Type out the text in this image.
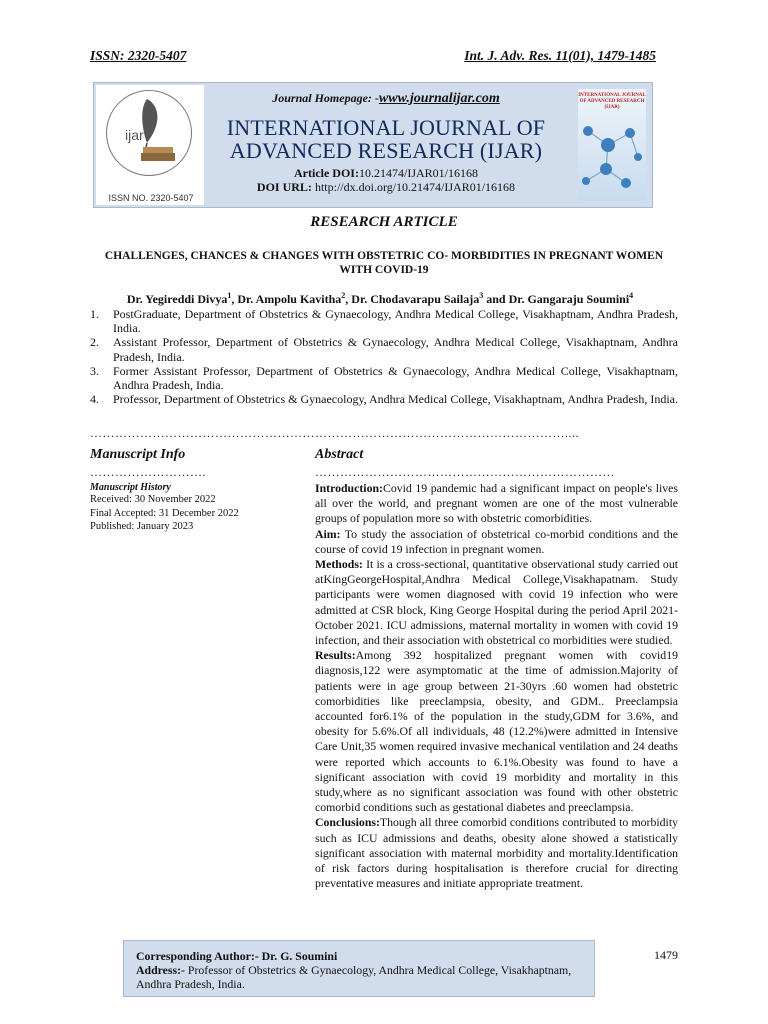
ISSN: 2320-5407	Int. J. Adv. Res. 11(01), 1479-1485
ijar
ISSN NO. 2320-5407
Journal Homepage: -www.journalijar.com
INTERNATIONAL JOURNAL OF
ADVANCED RESEARCH (IJAR)
Article DOI:10.21474/IJAR01/16168
DOI URL: http://dx.doi.org/10.21474/IJAR01/16168
INTERNATIONAL JOURNAL OF ADVANCED RESEARCH (IJAR)
RESEARCH ARTICLE
CHALLENGES, CHANCES & CHANGES WITH OBSTETRIC CO- MORBIDITIES IN PREGNANT WOMEN WITH COVID-19
Dr. Yegireddi Divya$^1$, Dr. Ampolu Kavitha$^2$, Dr. Chodavarapu Sailaja$^3$ and Dr. Gangaraju Soumini$^4$
1.	PostGraduate, Department of Obstetrics & Gynaecology, Andhra Medical College, Visakhaptnam, Andhra Pradesh, India.
2.	Assistant Professor, Department of Obstetrics & Gynaecology, Andhra Medical College, Visakhaptnam, Andhra Pradesh, India.
3.	Former Assistant Professor, Department of Obstetrics & Gynaecology, Andhra Medical College, Visakhaptnam, Andhra Pradesh, India.
4.	Professor, Department of Obstetrics & Gynaecology, Andhra Medical College, Visakhaptnam, Andhra Pradesh, India.
……………………………………………………………………………………………………....
Manuscript Info
……………………….
Manuscript History
Received: 30 November 2022
Final Accepted: 31 December 2022
Published: January 2023
Abstract
………………………………………………………………
Introduction:Covid 19 pandemic had a significant impact on people's lives all over the world, and pregnant women are one of the most vulnerable groups of population more so with obstetric comorbidities.
Aim: To study the association of obstetrical co-morbid conditions and the course of covid 19 infection in pregnant women.
Methods: It is a cross-sectional, quantitative observational study carried out atKingGeorgeHospital,Andhra Medical College,Visakhapatnam. Study participants were women diagnosed with covid 19 infection who were admitted at CSR block, King George Hospital during the period April 2021-October 2021. ICU admissions, maternal mortality in women with covid 19 infection, and their association with obstetrical co morbidities were studied.
Results:Among 392 hospitalized pregnant women with covid19 diagnosis,122 were asymptomatic at the time of admission.Majority of patients were in age group between 21-30yrs .60 women had obstetric comorbidities like preeclampsia, obesity, and GDM.. Preeclampsia accounted for6.1% of the population in the study,GDM for 3.6%, and obesity for 5.6%.Of all individuals, 48 (12.2%)were admitted in Intensive Care Unit,35 women required invasive mechanical ventilation and 24 deaths were reported which accounts to 6.1%.Obesity was found to have a significant association with covid 19 morbidity and mortality in this study,where as no significant association was found with other obstetric comorbid conditions such as gestational diabetes and preeclampsia.
Conclusions:Though all three comorbid conditions contributed to morbidity such as ICU admissions and deaths, obesity alone showed a statistically significant association with maternal morbidity and mortality.Identification of risk factors during hospitalisation is therefore crucial for directing preventative measures and initiate appropriate treatment.
Corresponding Author:- Dr. G. Soumini
Address:- Professor of Obstetrics & Gynaecology, Andhra Medical College, Visakhaptnam, Andhra Pradesh, India.
1479
